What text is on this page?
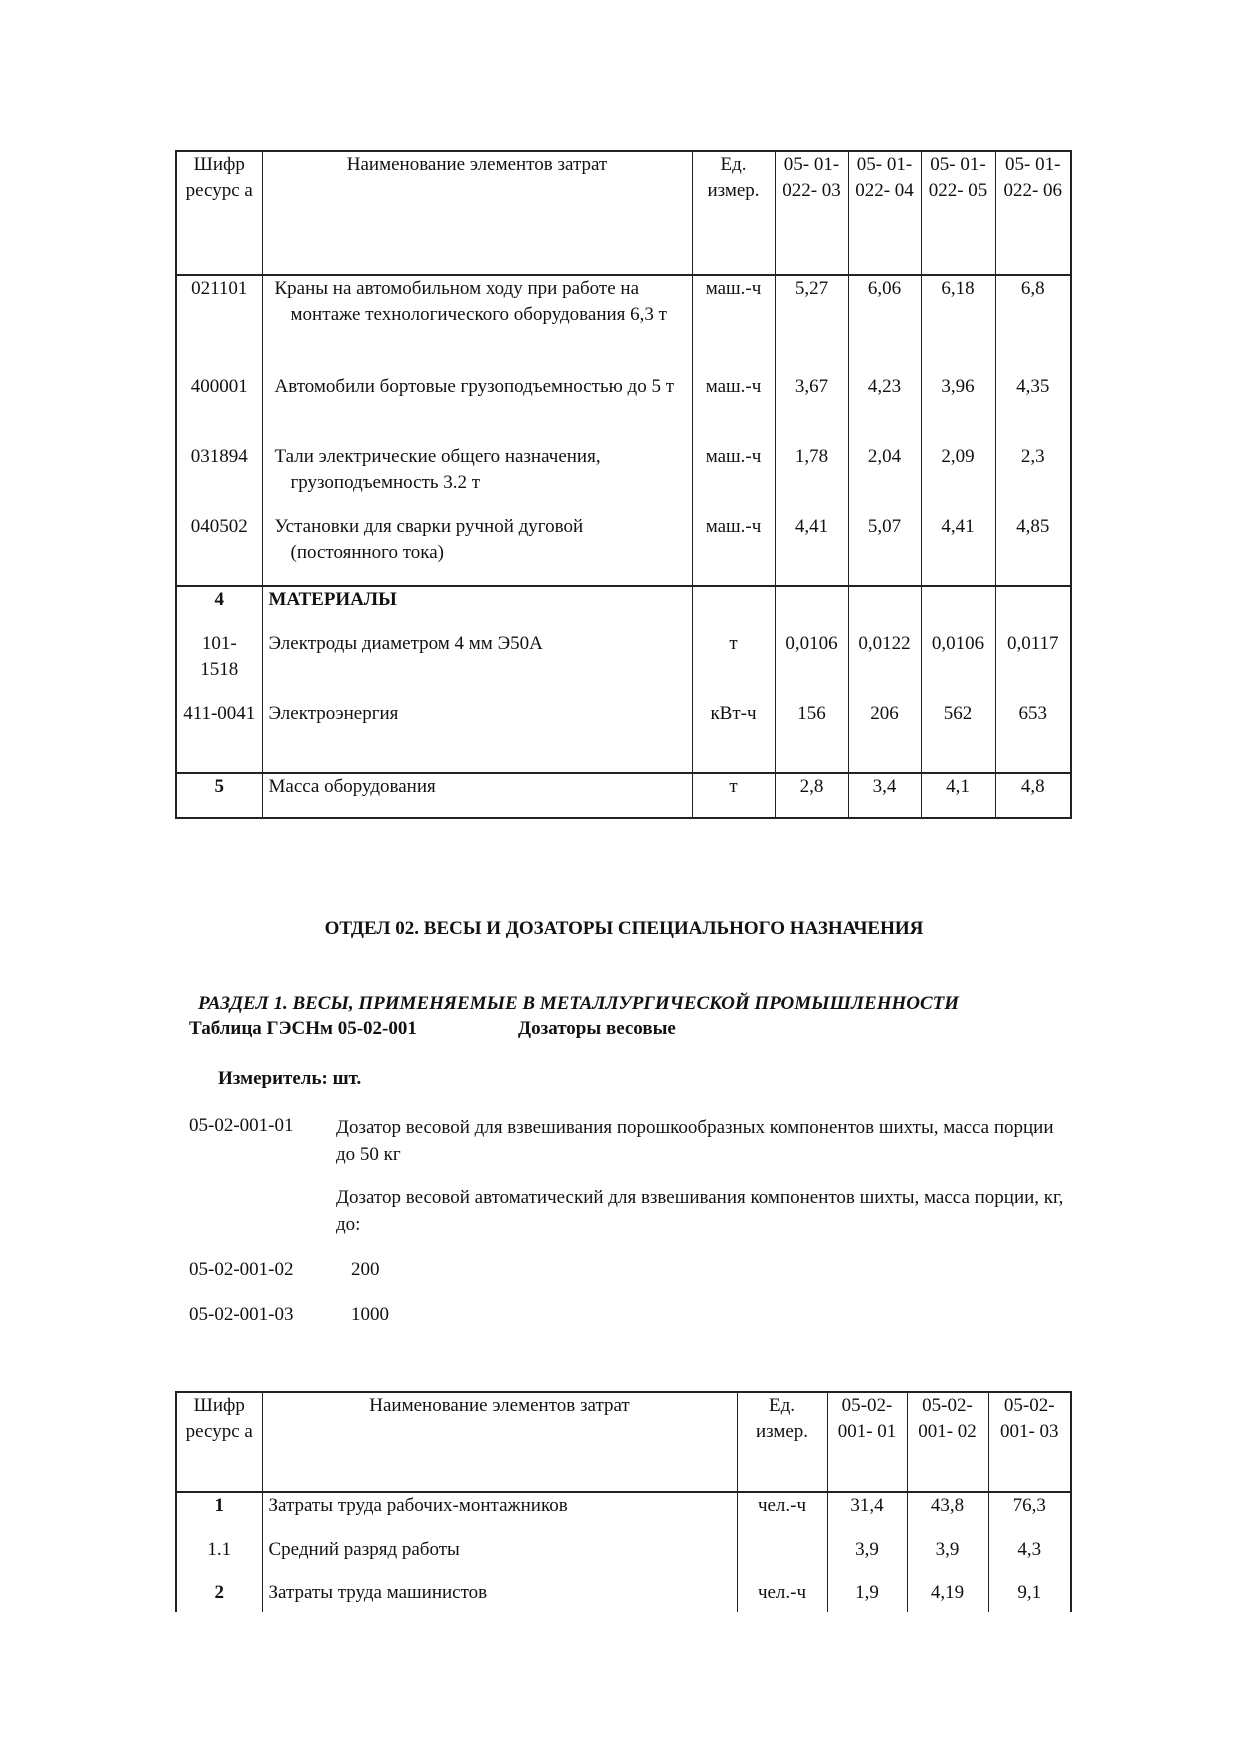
Шифр ресурс а	Наименование элементов затрат	Ед. измер.	05- 01- 022- 03	05- 01- 022- 04	05- 01- 022- 05	05- 01- 022- 06
021101	Краны на автомобильном ходу при работе на монтаже технологического оборудования 6,3 т	маш.-ч	5,27	6,06	6,18	6,8
400001	Автомобили бортовые грузоподъемностью до 5 т	маш.-ч	3,67	4,23	3,96	4,35
031894	Тали электрические общего назначения, грузоподъемность 3.2 т	маш.-ч	1,78	2,04	2,09	2,3
040502	Установки для сварки ручной дуговой (постоянного тока)	маш.-ч	4,41	5,07	4,41	4,85
4	МАТЕРИАЛЫ					
101-1518	Электроды диаметром 4 мм Э50А	т	0,0106	0,0122	0,0106	0,0117
411-0041	Электроэнергия	кВт-ч	156	206	562	653
5	Масса оборудования	т	2,8	3,4	4,1	4,8
ОТДЕЛ 02. ВЕСЫ И ДОЗАТОРЫ СПЕЦИАЛЬНОГО НАЗНАЧЕНИЯ
РАЗДЕЛ 1. ВЕСЫ, ПРИМЕНЯЕМЫЕ В МЕТАЛЛУРГИЧЕСКОЙ ПРОМЫШЛЕННОСТИ
Таблица ГЭСНм 05-02-001	Дозаторы весовые
Измеритель: шт.
05-02-001-01 Дозатор весовой для взвешивания порошкообразных компонентов шихты, масса порции до 50 кг
Дозатор весовой автоматический для взвешивания компонентов шихты, масса порции, кг, до:
05-02-001-02	200
05-02-001-03	1000
Шифр ресурс а	Наименование элементов затрат	Ед. измер.	05-02- 001- 01	05-02- 001- 02	05-02- 001- 03
1	Затраты труда рабочих-монтажников	чел.-ч	31,4	43,8	76,3
1.1	Средний разряд работы		3,9	3,9	4,3
2	Затраты труда машинистов	чел.-ч	1,9	4,19	9,1
